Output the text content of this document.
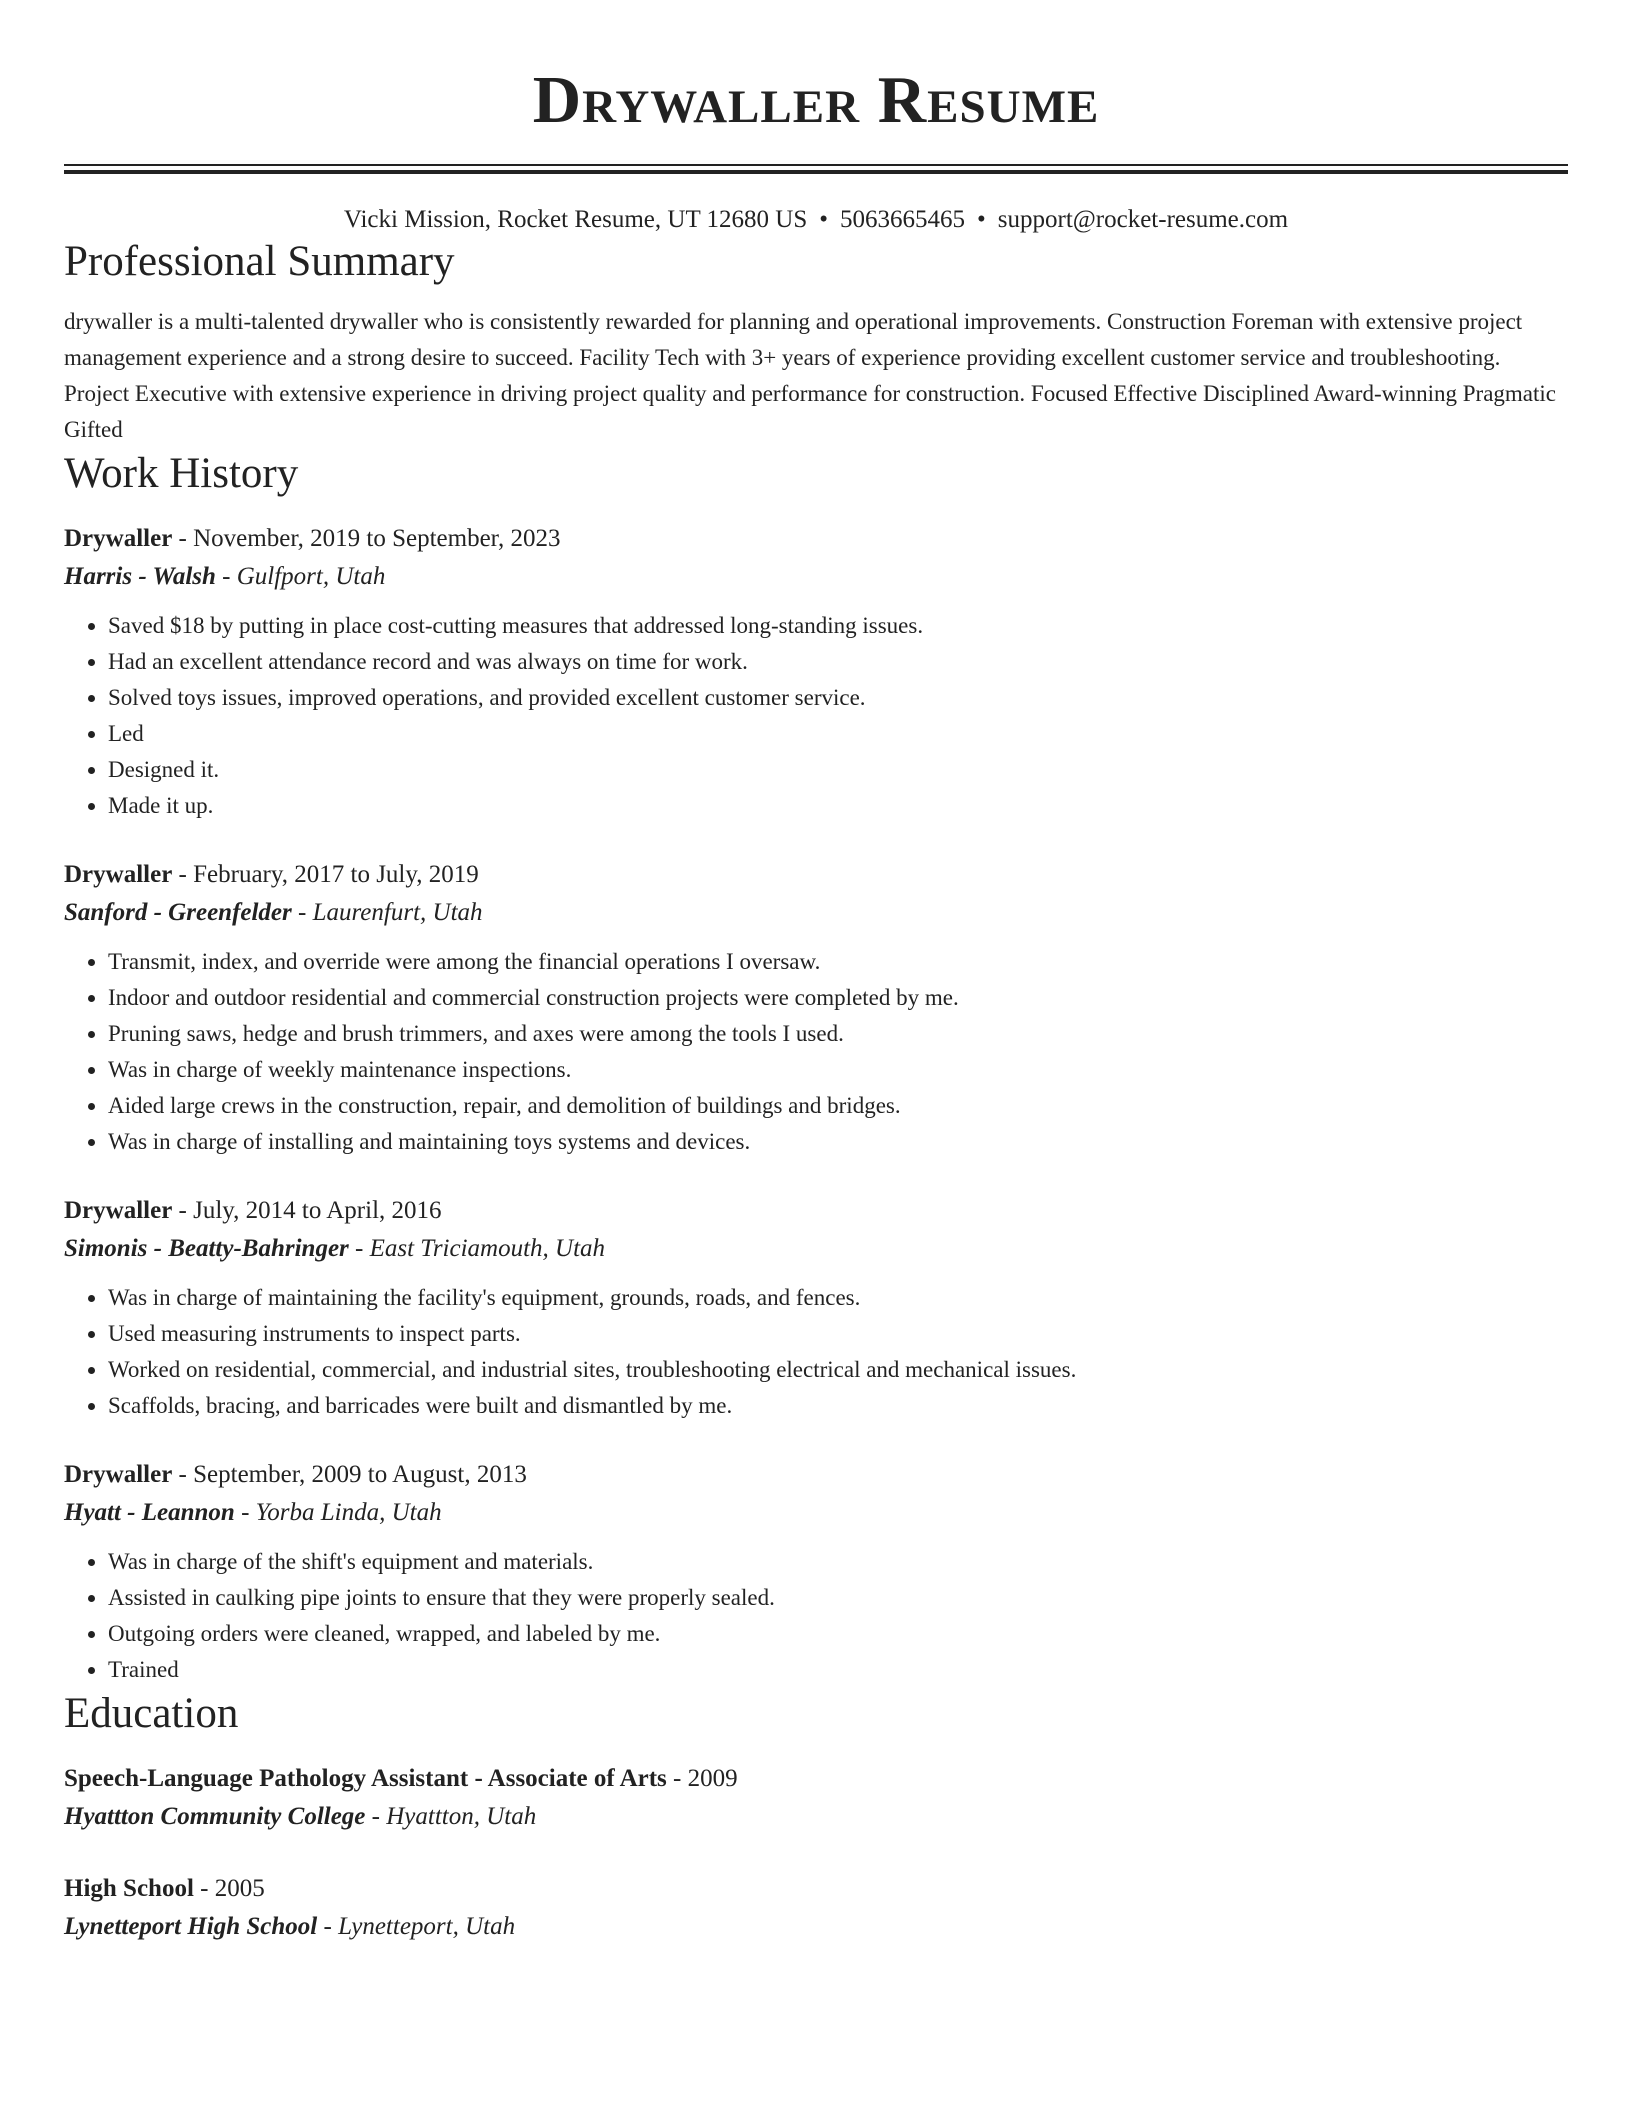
Drywaller Resume
Vicki Mission, Rocket Resume, UT 12680 US • 5063665465 • support@rocket-resume.com
Professional Summary
drywaller is a multi-talented drywaller who is consistently rewarded for planning and operational improvements. Construction Foreman with extensive project management experience and a strong desire to succeed. Facility Tech with 3+ years of experience providing excellent customer service and troubleshooting. Project Executive with extensive experience in driving project quality and performance for construction. Focused Effective Disciplined Award-winning Pragmatic Gifted
Work History
Drywaller - November, 2019 to September, 2023
Harris - Walsh - Gulfport, Utah
• Saved $18 by putting in place cost-cutting measures that addressed long-standing issues.
• Had an excellent attendance record and was always on time for work.
• Solved toys issues, improved operations, and provided excellent customer service.
• Led
• Designed it.
• Made it up.
Drywaller - February, 2017 to July, 2019
Sanford - Greenfelder - Laurenfurt, Utah
• Transmit, index, and override were among the financial operations I oversaw.
• Indoor and outdoor residential and commercial construction projects were completed by me.
• Pruning saws, hedge and brush trimmers, and axes were among the tools I used.
• Was in charge of weekly maintenance inspections.
• Aided large crews in the construction, repair, and demolition of buildings and bridges.
• Was in charge of installing and maintaining toys systems and devices.
Drywaller - July, 2014 to April, 2016
Simonis - Beatty-Bahringer - East Triciamouth, Utah
• Was in charge of maintaining the facility's equipment, grounds, roads, and fences.
• Used measuring instruments to inspect parts.
• Worked on residential, commercial, and industrial sites, troubleshooting electrical and mechanical issues.
• Scaffolds, bracing, and barricades were built and dismantled by me.
Drywaller - September, 2009 to August, 2013
Hyatt - Leannon - Yorba Linda, Utah
• Was in charge of the shift's equipment and materials.
• Assisted in caulking pipe joints to ensure that they were properly sealed.
• Outgoing orders were cleaned, wrapped, and labeled by me.
• Trained
Education
Speech-Language Pathology Assistant - Associate of Arts - 2009
Hyattton Community College - Hyattton, Utah
High School - 2005
Lynetteport High School - Lynetteport, Utah
